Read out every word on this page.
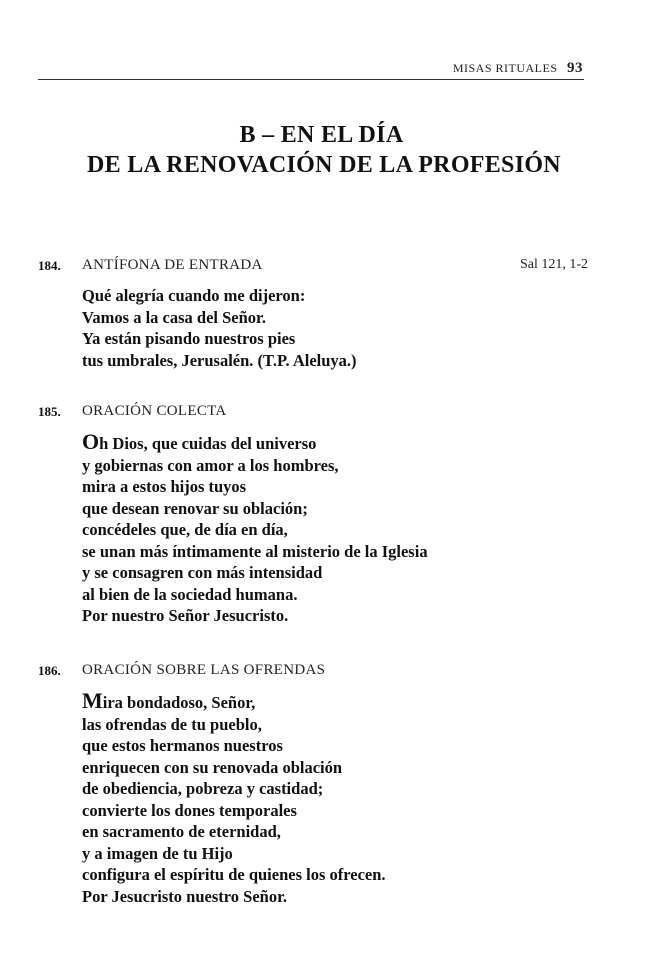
MISAS RITUALES 93
B – EN EL DÍA
DE LA RENOVACIÓN DE LA PROFESIÓN
184. ANTÍFONA DE ENTRADA	Sal 121, 1-2
Qué alegría cuando me dijeron:
Vamos a la casa del Señor.
Ya están pisando nuestros pies
tus umbrales, Jerusalén. (T.P. Aleluya.)
185. ORACIÓN COLECTA
Oh Dios, que cuidas del universo
y gobiernas con amor a los hombres,
mira a estos hijos tuyos
que desean renovar su oblación;
concédeles que, de día en día,
se unan más íntimamente al misterio de la Iglesia
y se consagren con más intensidad
al bien de la sociedad humana.
Por nuestro Señor Jesucristo.
186. ORACIÓN SOBRE LAS OFRENDAS
Mira bondadoso, Señor,
las ofrendas de tu pueblo,
que estos hermanos nuestros
enriquecen con su renovada oblación
de obediencia, pobreza y castidad;
convierte los dones temporales
en sacramento de eternidad,
y a imagen de tu Hijo
configura el espíritu de quienes los ofrecen.
Por Jesucristo nuestro Señor.
